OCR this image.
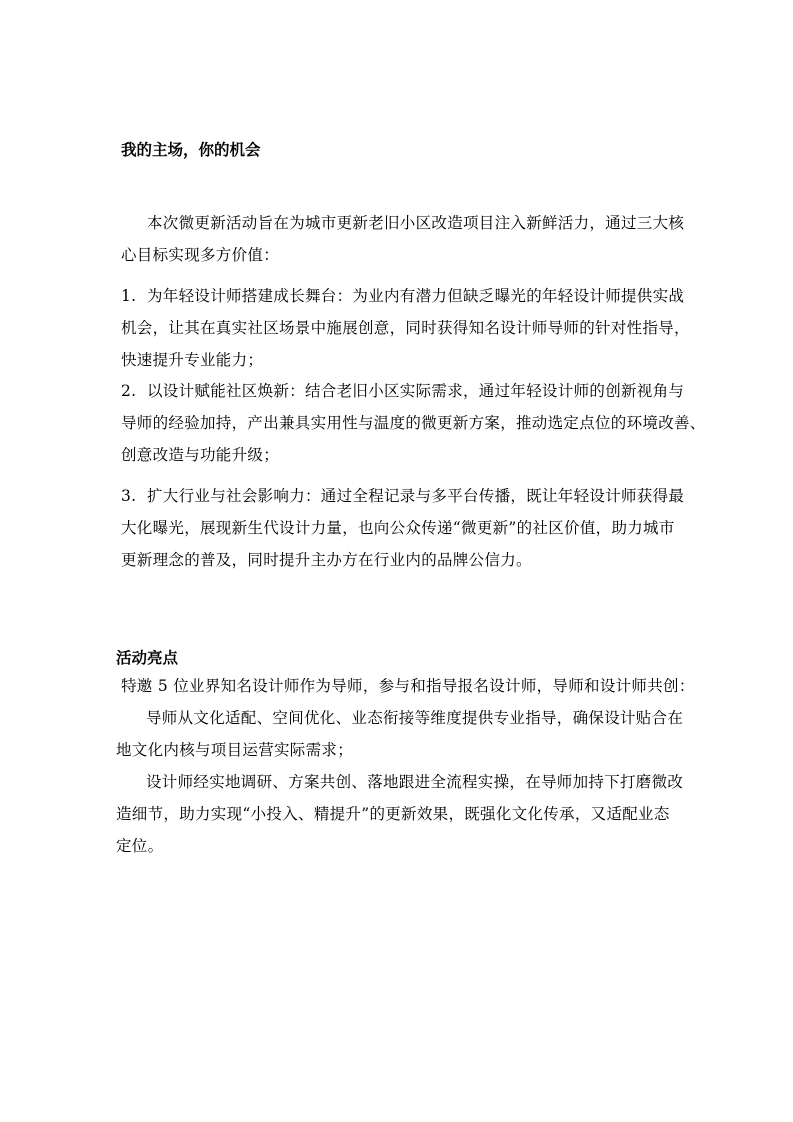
我的主场，你的机会

本次微更新活动旨在为城市更新老旧小区改造项目注入新鲜活力，通过三大核
心目标实现多方价值：

1. 为年轻设计师搭建成长舞台：为业内有潜力但缺乏曝光的年轻设计师提供实战
机会，让其在真实社区场景中施展创意，同时获得知名设计师导师的针对性指导，
快速提升专业能力；

2. 以设计赋能社区焕新：结合老旧小区实际需求，通过年轻设计师的创新视角与
导师的经验加持，产出兼具实用性与温度的微更新方案，推动选定点位的环境改善、
创意改造与功能升级；

3. 扩大行业与社会影响力：通过全程记录与多平台传播，既让年轻设计师获得最
大化曝光，展现新生代设计力量，也向公众传递“微更新”的社区价值，助力城市
更新理念的普及，同时提升主办方在行业内的品牌公信力。

活动亮点

特邀 5 位业界知名设计师作为导师，参与和指导报名设计师，导师和设计师共创：

导师从文化适配、空间优化、业态衔接等维度提供专业指导，确保设计贴合在
地文化内核与项目运营实际需求；

设计师经实地调研、方案共创、落地跟进全流程实操，在导师加持下打磨微改
造细节，助力实现“小投入、精提升”的更新效果，既强化文化传承，又适配业态
定位。
